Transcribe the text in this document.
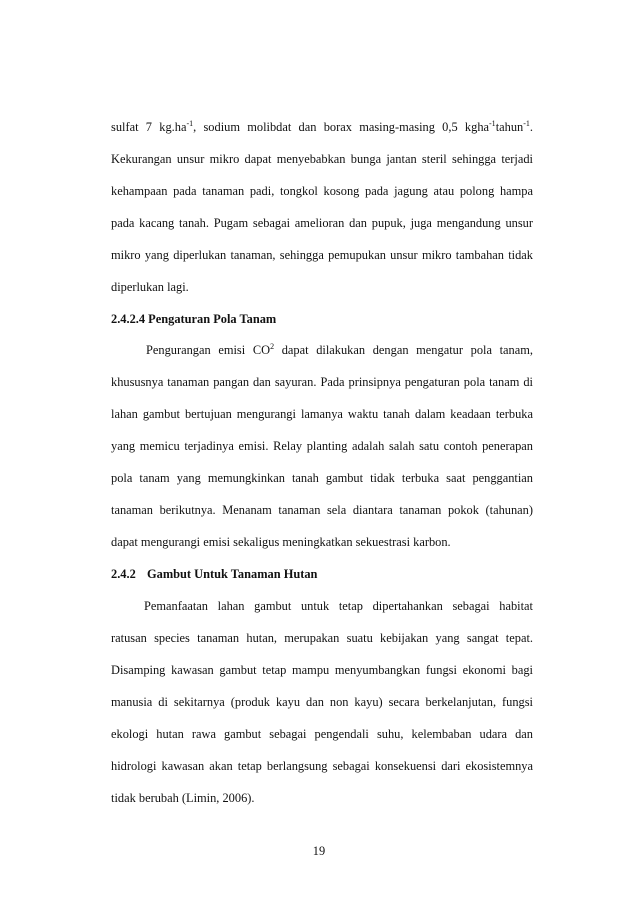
sulfat 7 $kg.ha^{-1}$, sodium molibdat dan borax masing-masing 0,5 kgha$^{-1}$tahun$^{-1}$.
Kekurangan unsur mikro dapat menyebabkan bunga jantan steril sehingga terjadi
kehampaan pada tanaman padi, tongkol kosong pada jagung atau polong hampa
pada kacang tanah. Pugam sebagai amelioran dan pupuk, juga mengandung unsur
mikro yang diperlukan tanaman, sehingga pemupukan unsur mikro tambahan tidak
diperlukan lagi.
2.4.2.4 Pengaturan Pola Tanam
Pengurangan emisi $CO^2$ dapat dilakukan dengan mengatur pola tanam,
khususnya tanaman pangan dan sayuran. Pada prinsipnya pengaturan pola tanam di
lahan gambut bertujuan mengurangi lamanya waktu tanah dalam keadaan terbuka
yang memicu terjadinya emisi. Relay planting adalah salah satu contoh penerapan
pola tanam yang memungkinkan tanah gambut tidak terbuka saat penggantian
tanaman berikutnya. Menanam tanaman sela diantara tanaman pokok (tahunan)
dapat mengurangi emisi sekaligus meningkatkan sekuestrasi karbon.
2.4.2 Gambut Untuk Tanaman Hutan
Pemanfaatan lahan gambut untuk tetap dipertahankan sebagai habitat
ratusan species tanaman hutan, merupakan suatu kebijakan yang sangat tepat.
Disamping kawasan gambut tetap mampu menyumbangkan fungsi ekonomi bagi
manusia di sekitarnya (produk kayu dan non kayu) secara berkelanjutan, fungsi
ekologi hutan rawa gambut sebagai pengendali suhu, kelembaban udara dan
hidrologi kawasan akan tetap berlangsung sebagai konsekuensi dari ekosistemnya
tidak berubah (Limin, 2006).
19
